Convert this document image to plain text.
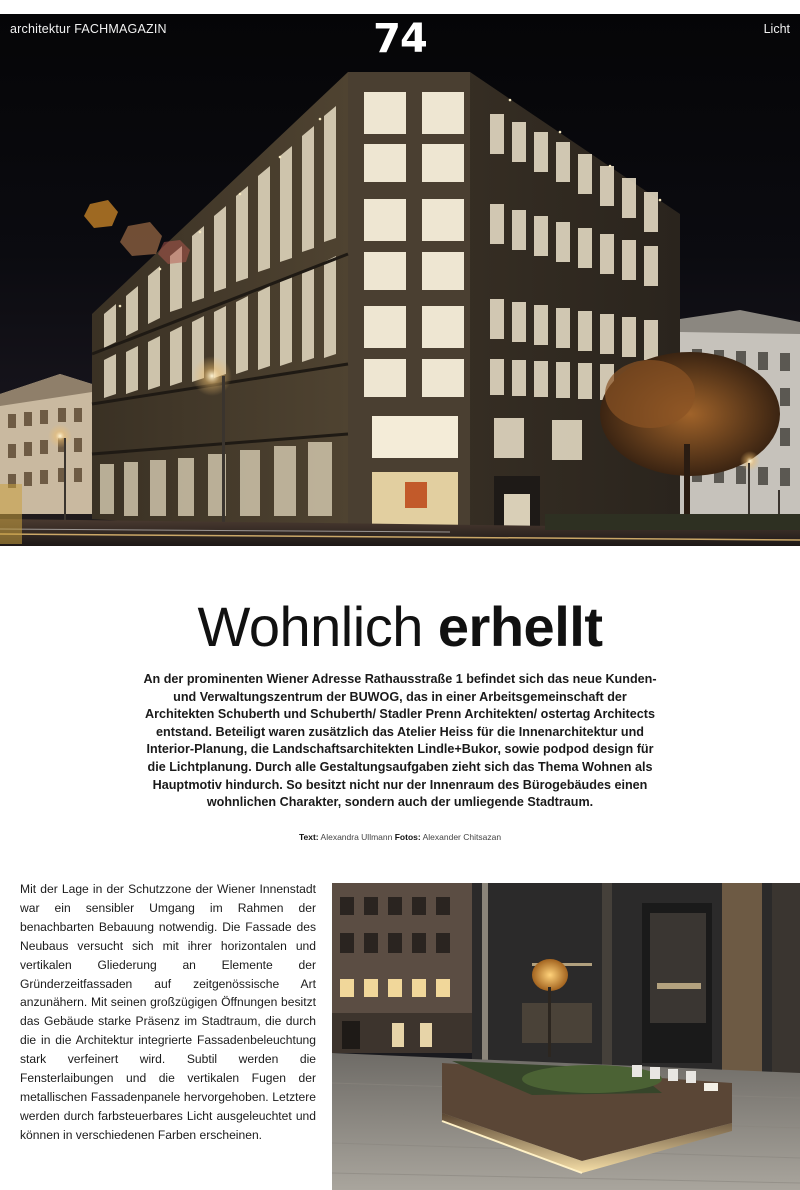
architektur FACHMAGAZIN	74	Licht
Wohnlich erhellt

An der prominenten Wiener Adresse Rathausstraße 1 befindet sich das neue Kunden- und Verwaltungszentrum der BUWOG, das in einer Arbeitsgemeinschaft der Architekten Schuberth und Schuberth/ Stadler Prenn Architekten/ ostertag Architects entstand. Beteiligt waren zusätzlich das Atelier Heiss für die Innenarchitektur und Interior-Planung, die Landschaftsarchitekten Lindle+Bukor, sowie podpod design für die Lichtplanung. Durch alle Gestaltungsaufgaben zieht sich das Thema Wohnen als Hauptmotiv hindurch. So besitzt nicht nur der Innenraum des Bürogebäudes einen wohnlichen Charakter, sondern auch der umliegende Stadtraum.

Text: Alexandra Ullmann Fotos: Alexander Chitsazan

Mit der Lage in der Schutzzone der Wiener Innenstadt war ein sensibler Umgang im Rahmen der benachbarten Bebauung notwendig. Die Fassade des Neubaus versucht sich mit ihrer horizontalen und vertikalen Gliederung an Elemente der Gründerzeitfassaden auf zeitgenössische Art anzunähern. Mit seinen großzügigen Öffnungen besitzt das Gebäude starke Präsenz im Stadtraum, die durch die in die Architektur integrierte Fassadenbeleuchtung stark verfeinert wird. Subtil werden die Fensterlaibungen und die vertikalen Fugen der metallischen Fassadenpanele hervorgehoben. Letztere werden durch farbsteuerbares Licht ausgeleuchtet und können in verschiedenen Farben erscheinen.
